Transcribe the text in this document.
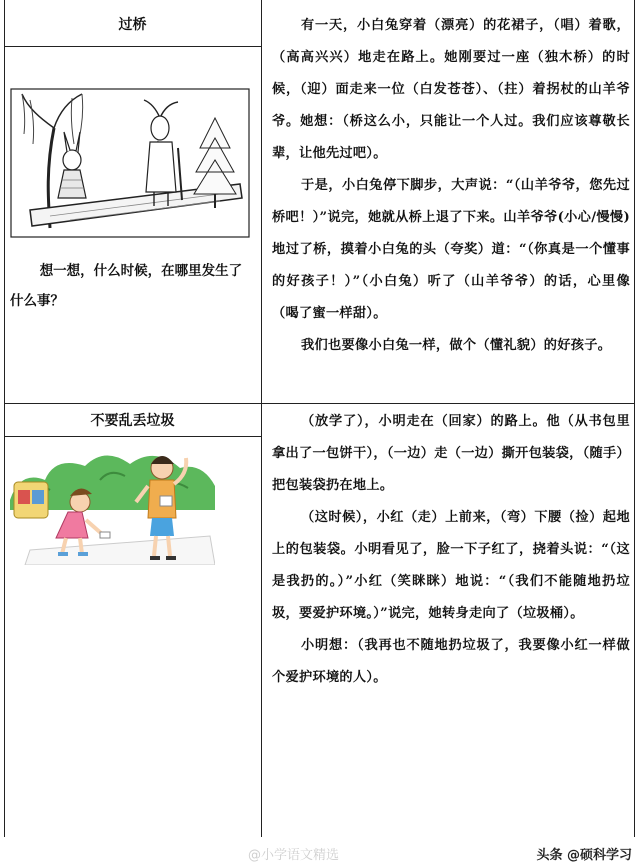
过桥
想一想，什么时候，在哪里发生了什么事？

有一天，小白兔穿着（漂亮）的花裙子，（唱）着歌，（高高兴兴）地走在路上。她刚要过一座（独木桥）的时候，（迎）面走来一位（白发苍苍）、（拄）着拐杖的山羊爷爷。她想：（桥这么小，只能让一个人过。我们应该尊敬长辈，让他先过吧）。

于是，小白兔停下脚步，大声说：“（山羊爷爷，您先过桥吧！）”说完，她就从桥上退了下来。山羊爷爷(小心/慢慢)地过了桥，摸着小白兔的头（夸奖）道：“（你真是一个懂事的好孩子！）”（小白兔）听了（山羊爷爷）的话，心里像（喝了蜜一样甜）。

我们也要像小白兔一样，做个（懂礼貌）的好孩子。

不要乱丢垃圾	（放学了），小明走在（回家）的路上。他（从书包里拿出了一包饼干），（一边）走（一边）撕开包装袋，（随手）把包装袋扔在地上。

（这时候），小红（走）上前来，（弯）下腰（捡）起地上的包装袋。小明看见了，脸一下子红了，挠着头说：“（这是我扔的。）”小红（笑眯眯）地说：“（我们不能随地扔垃圾，要爱护环境。）”说完，她转身走向了（垃圾桶）。

小明想：（我再也不随地扔垃圾了，我要像小红一样做个爱护环境的人）。

@小学语文精选	头条 @硕科学习
